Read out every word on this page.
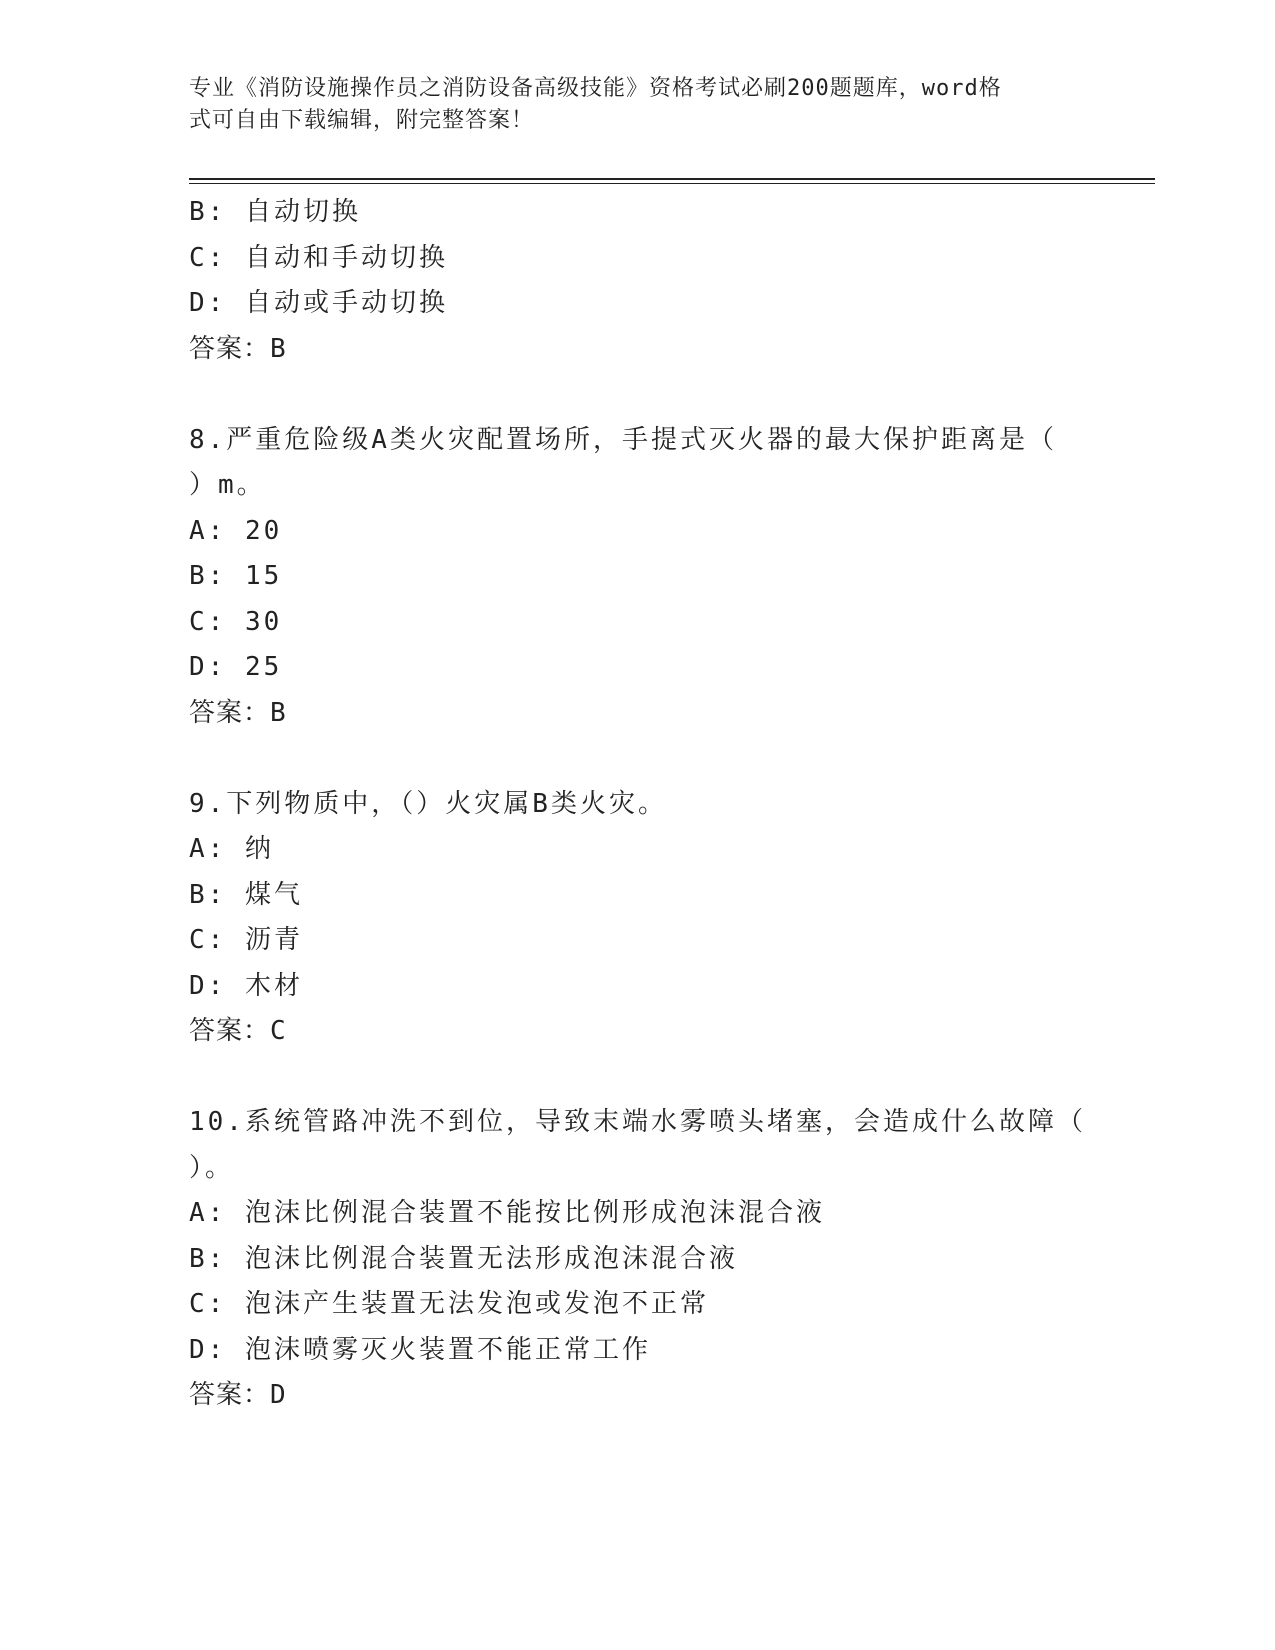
专业《消防设施操作员之消防设备高级技能》资格考试必刷200题题库，word格
式可自由下载编辑，附完整答案！
B: 自动切换
C: 自动和手动切换
D: 自动或手动切换
答案：B
8.严重危险级A类火灾配置场所，手提式灭火器的最大保护距离是（
）m。
A: 20
B: 15
C: 30
D: 25
答案：B
9.下列物质中，（）火灾属B类火灾。
A: 纳
B: 煤气
C: 沥青
D: 木材
答案：C
10.系统管路冲洗不到位，导致末端水雾喷头堵塞，会造成什么故障（
）。
A: 泡沫比例混合装置不能按比例形成泡沫混合液
B: 泡沫比例混合装置无法形成泡沫混合液
C: 泡沫产生装置无法发泡或发泡不正常
D: 泡沫喷雾灭火装置不能正常工作
答案：D
